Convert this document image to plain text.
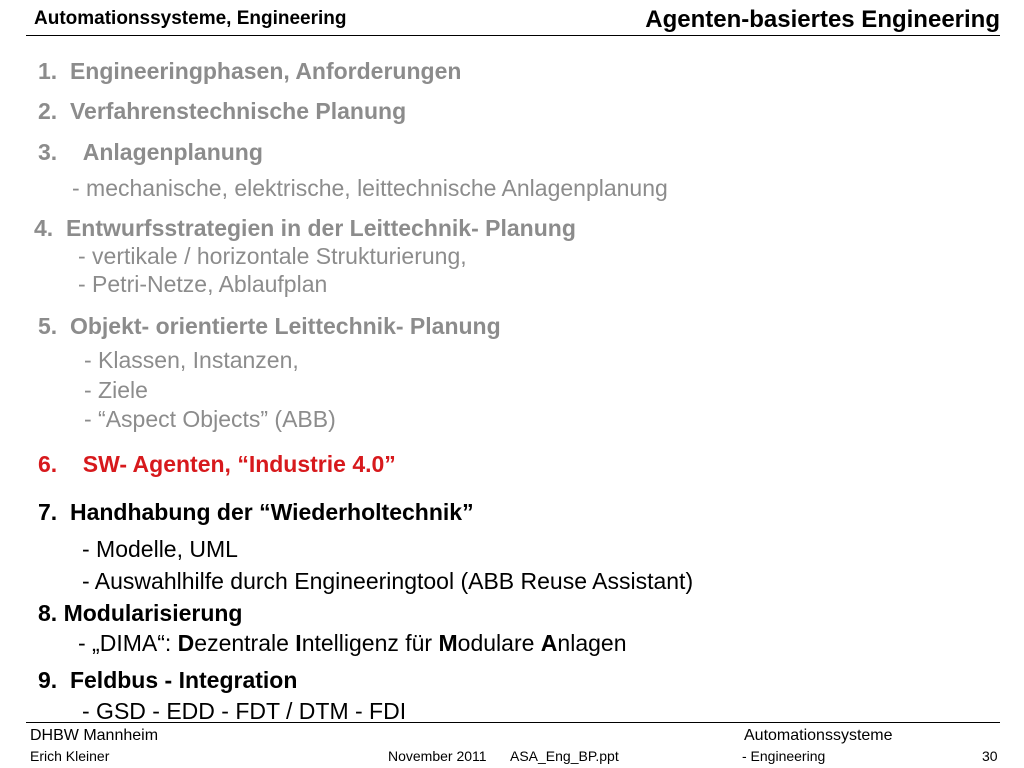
Automationssysteme, Engineering	Agenten-basiertes Engineering
1. Engineeringphasen, Anforderungen
2. Verfahrenstechnische Planung
3. Anlagenplanung
- mechanische, elektrische, leittechnische Anlagenplanung
4. Entwurfsstrategien in der Leittechnik- Planung
- vertikale / horizontale Strukturierung,
- Petri-Netze, Ablaufplan
5. Objekt- orientierte Leittechnik- Planung
- Klassen, Instanzen,
- Ziele
- “Aspect Objects” (ABB)
6. SW- Agenten, “Industrie 4.0”
7. Handhabung der “Wiederholtechnik”
- Modelle, UML
- Auswahlhilfe durch Engineeringtool (ABB Reuse Assistant)
8. Modularisierung
- „DIMA“: Dezentrale Intelligenz für Modulare Anlagen
9. Feldbus - Integration
- GSD - EDD - FDT / DTM - FDI
DHBW Mannheim
Erich Kleiner	November 2011 ASA_Eng_BP.ppt
Automationssysteme
- Engineering	30
